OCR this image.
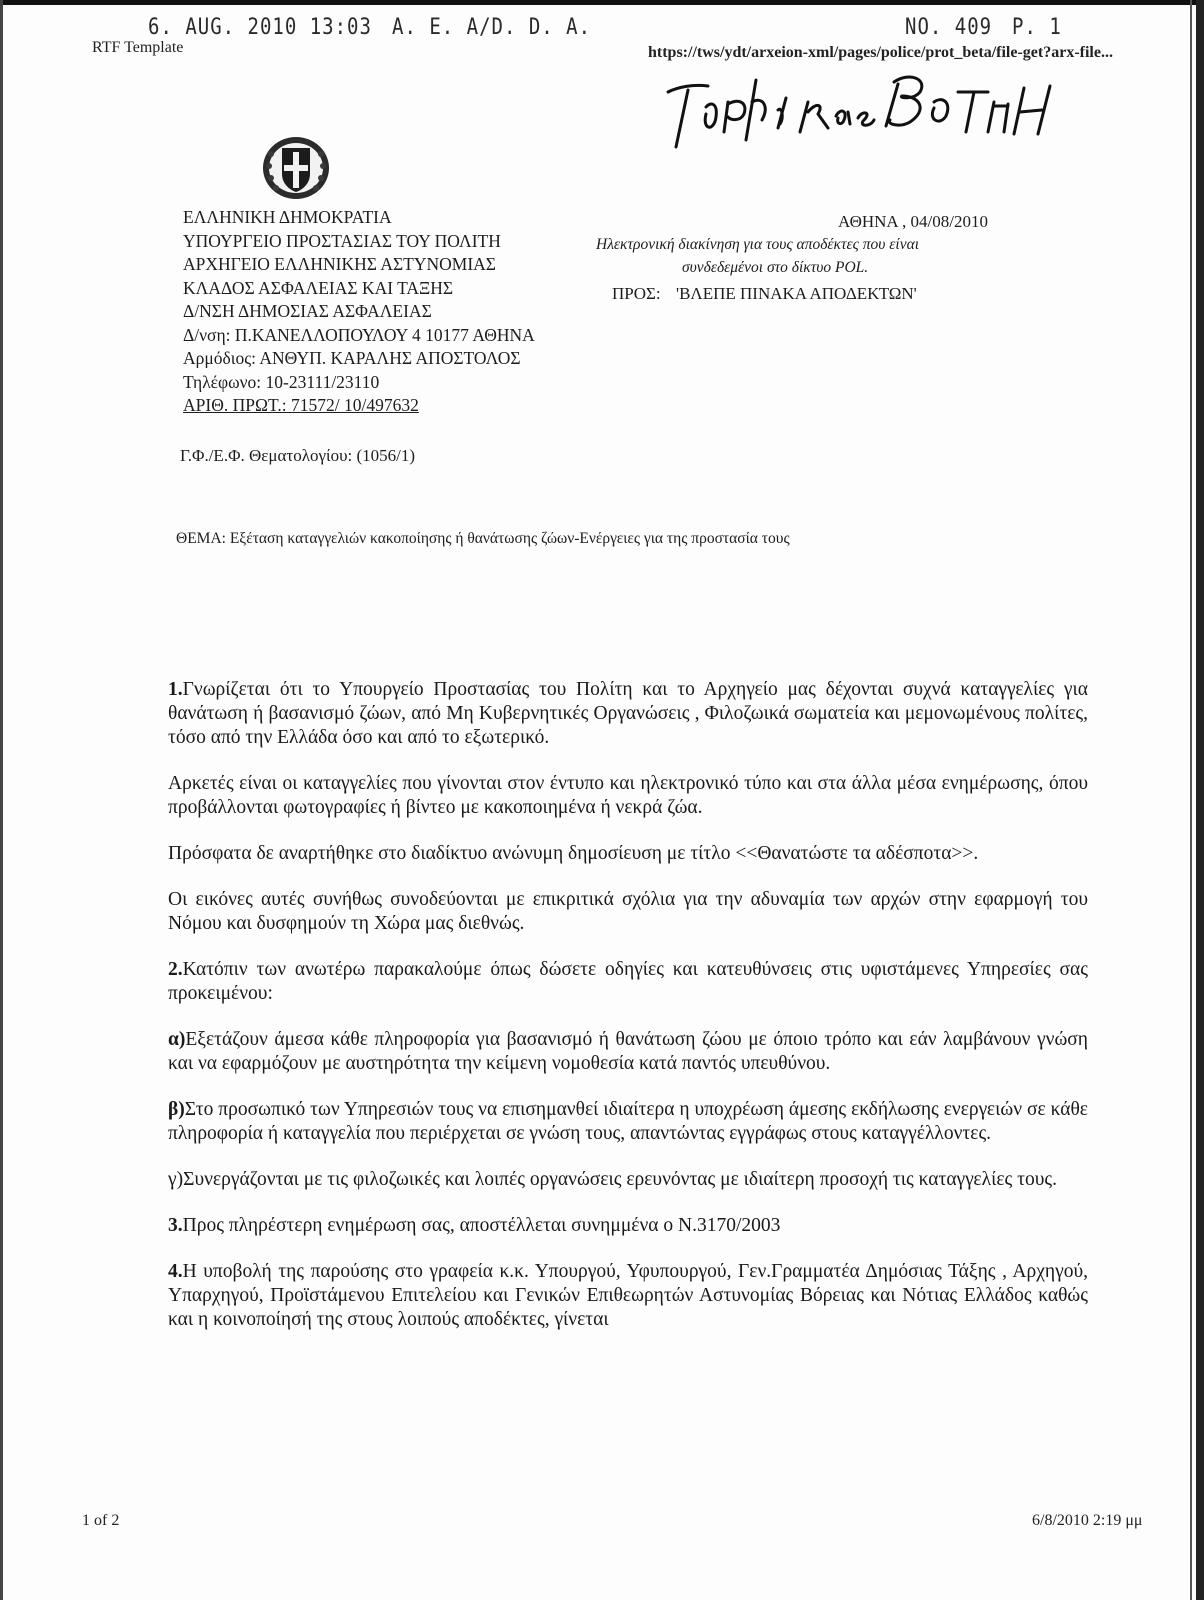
6. AUG. 2010 13:03 A. E. A/D. D. A.	NO. 409 P. 1
RTF Template	https://tws/ydt/arxeion-xml/pages/police/prot_beta/file-get?arx-file...
ΕΛΛΗΝΙΚΗ ΔΗΜΟΚΡΑΤΙΑ
ΥΠΟΥΡΓΕΙΟ ΠΡΟΣΤΑΣΙΑΣ ΤΟΥ ΠΟΛΙΤΗ
ΑΡΧΗΓΕΙΟ ΕΛΛΗΝΙΚΗΣ ΑΣΤΥΝΟΜΙΑΣ
ΚΛΑΔΟΣ ΑΣΦΑΛΕΙΑΣ ΚΑΙ ΤΑΞΗΣ
Δ/ΝΣΗ ΔΗΜΟΣΙΑΣ ΑΣΦΑΛΕΙΑΣ
Δ/νση: Π.ΚΑΝΕΛΛΟΠΟΥΛΟΥ 4 10177 ΑΘΗΝΑ
Αρμόδιος: ΑΝΘΥΠ. ΚΑΡΑΛΗΣ ΑΠΟΣΤΟΛΟΣ
Τηλέφωνο: 10-23111/23110
ΑΡΙΘ. ΠΡΩΤ.: 71572/ 10/497632
ΑΘΗΝΑ , 04/08/2010
Ηλεκτρονική διακίνηση για τους αποδέκτες που είναι
συνδεδεμένοι στο δίκτυο POL.
ΠΡΟΣ: 'ΒΛΕΠΕ ΠΙΝΑΚΑ ΑΠΟΔΕΚΤΩΝ'
Γ.Φ./Ε.Φ. Θεματολογίου: (1056/1)
ΘΕΜΑ: Εξέταση καταγγελιών κακοποίησης ή θανάτωσης ζώων-Ενέργειες για της προστασία τους

1.Γνωρίζεται ότι το Υπουργείο Προστασίας του Πολίτη και το Αρχηγείο μας δέχονται συχνά καταγγελίες για θανάτωση ή βασανισμό ζώων, από Μη Κυβερνητικές Οργανώσεις , Φιλοζωικά σωματεία και μεμονωμένους πολίτες, τόσο από την Ελλάδα όσο και από το εξωτερικό.

Αρκετές είναι οι καταγγελίες που γίνονται στον έντυπο και ηλεκτρονικό τύπο και στα άλλα μέσα ενημέρωσης, όπου προβάλλονται φωτογραφίες ή βίντεο με κακοποιημένα ή νεκρά ζώα.

Πρόσφατα δε αναρτήθηκε στο διαδίκτυο ανώνυμη δημοσίευση με τίτλο <<Θανατώστε τα αδέσποτα>>.

Οι εικόνες αυτές συνήθως συνοδεύονται με επικριτικά σχόλια για την αδυναμία των αρχών στην εφαρμογή του Νόμου και δυσφημούν τη Χώρα μας διεθνώς.

2.Κατόπιν των ανωτέρω παρακαλούμε όπως δώσετε οδηγίες και κατευθύνσεις στις υφιστάμενες Υπηρεσίες σας προκειμένου:

α)Εξετάζουν άμεσα κάθε πληροφορία για βασανισμό ή θανάτωση ζώου με όποιο τρόπο και εάν λαμβάνουν γνώση και να εφαρμόζουν με αυστηρότητα την κείμενη νομοθεσία κατά παντός υπευθύνου.

β)Στο προσωπικό των Υπηρεσιών τους να επισημανθεί ιδιαίτερα η υποχρέωση άμεσης εκδήλωσης ενεργειών σε κάθε πληροφορία ή καταγγελία που περιέρχεται σε γνώση τους, απαντώντας εγγράφως στους καταγγέλλοντες.

γ)Συνεργάζονται με τις φιλοζωικές και λοιπές οργανώσεις ερευνόντας με ιδιαίτερη προσοχή τις καταγγελίες τους.

3.Προς πληρέστερη ενημέρωση σας, αποστέλλεται συνημμένα ο Ν.3170/2003

4.Η υποβολή της παρούσης στο γραφεία κ.κ. Υπουργού, Υφυπουργού, Γεν.Γραμματέα Δημόσιας Τάξης , Αρχηγού, Υπαρχηγού, Προϊστάμενου Επιτελείου και Γενικών Επιθεωρητών Αστυνομίας Βόρειας και Νότιας Ελλάδος καθώς και η κοινοποίησή της στους λοιπούς αποδέκτες, γίνεται

1 of 2	6/8/2010 2:19 μμ
